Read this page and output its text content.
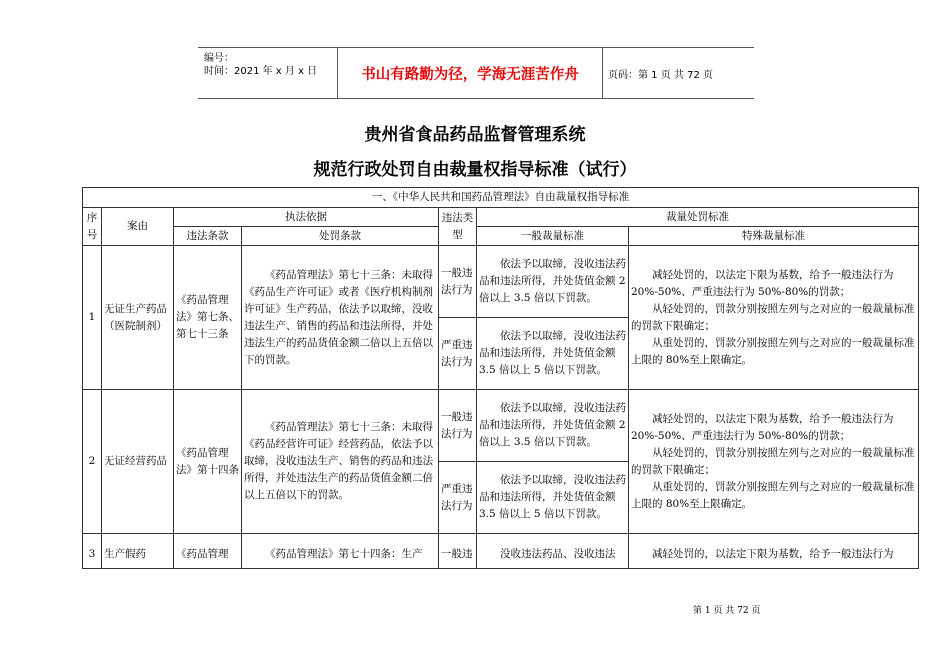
编号：
时间：2021 年 x 月 x 日	书山有路勤为径，学海无涯苦作舟	页码：第 1 页 共 72 页
贵州省食品药品监督管理系统
规范行政处罚自由裁量权指导标准（试行）
一、《中华人民共和国药品管理法》自由裁量权指导标准						
序号	案由	执法依据		违法类型	裁量处罚标准	
		违法条款	处罚条款		一般裁量标准	特殊裁量标准
1	无证生产药品（医院制剂）	《药品管理法》第七条、第七十三条	《药品管理法》第七十三条：未取得《药品生产许可证》或者《医疗机构制剂许可证》生产药品，依法予以取缔，没收违法生产、销售的药品和违法所得，并处违法生产的药品货值金额二倍以上五倍以下的罚款。	一般违法行为	依法予以取缔，没收违法药品和违法所得，并处货值金额 2 倍以上 3.5 倍以下罚款。	减轻处罚的，以法定下限为基数，给予一般违法行为 20%-50%、严重违法行为 50%-80%的罚款；
从轻处罚的，罚款分别按照左列与之对应的一般裁量标准的罚款下限确定；
从重处罚的，罚款分别按照左列与之对应的一般裁量标准上限的 80%至上限确定。

				严重违法行为	依法予以取缔，没收违法药品和违法所得，并处货值金额 3.5 倍以上 5 倍以下罚款。	
2	无证经营药品	《药品管理法》第十四条	《药品管理法》第七十三条：未取得《药品经营许可证》经营药品，依法予以取缔，没收违法生产、销售的药品和违法所得，并处违法生产的药品货值金额二倍以上五倍以下的罚款。	一般违法行为	依法予以取缔，没收违法药品和违法所得，并处货值金额 2 倍以上 3.5 倍以下罚款。	减轻处罚的，以法定下限为基数，给予一般违法行为 20%-50%、严重违法行为 50%-80%的罚款；
从轻处罚的，罚款分别按照左列与之对应的一般裁量标准的罚款下限确定；
从重处罚的，罚款分别按照左列与之对应的一般裁量标准上限的 80%至上限确定。

				严重违法行为	依法予以取缔，没收违法药品和违法所得，并处货值金额 3.5 倍以上 5 倍以下罚款。	
3	生产假药	《药品管理	《药品管理法》第七十四条：生产	一般违	没收违法药品、没收违法	减轻处罚的，以法定下限为基数，给予一般违法行为
第 1 页 共 72 页
